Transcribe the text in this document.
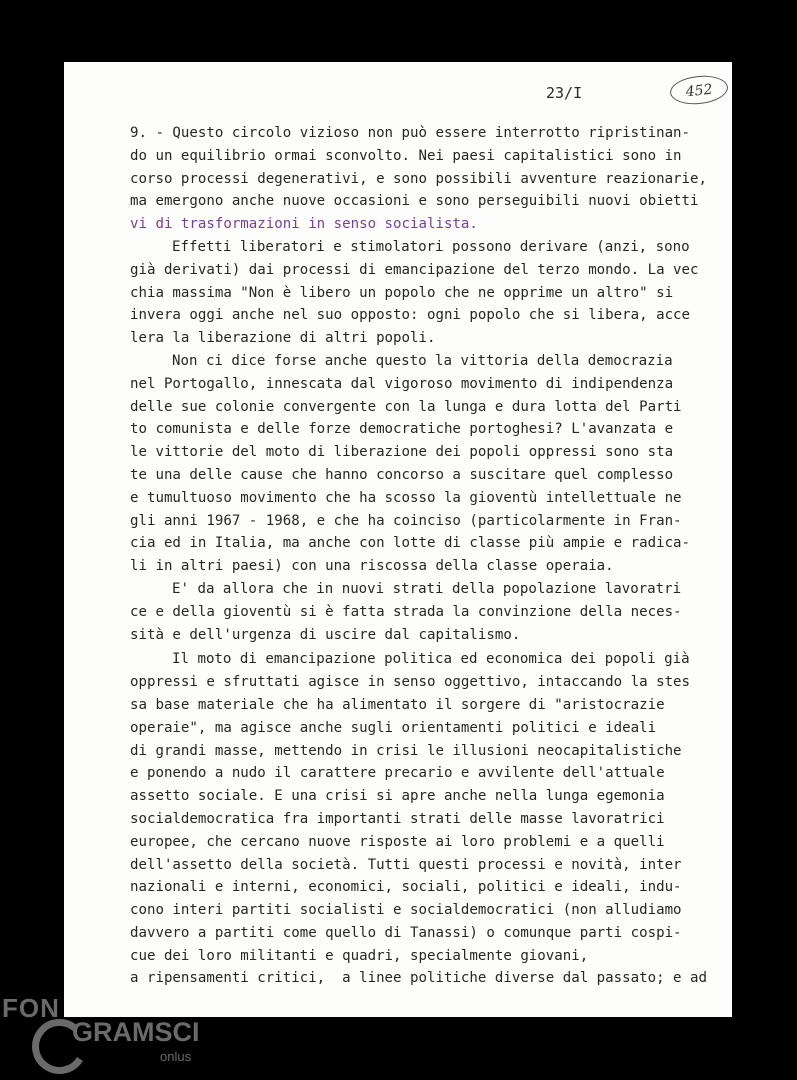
23/I	452
9. - Questo circolo vizioso non può essere interrotto ripristinan-
do un equilibrio ormai sconvolto. Nei paesi capitalistici sono in
corso processi degenerativi, e sono possibili avventure reazionarie,
ma emergono anche nuove occasioni e sono perseguibili nuovi obietti
vi di trasformazioni in senso socialista.
Effetti liberatori e stimolatori possono derivare (anzi, sono
già derivati) dai processi di emancipazione del terzo mondo. La vec
chia massima "Non è libero un popolo che ne opprime un altro" si
invera oggi anche nel suo opposto: ogni popolo che si libera, acce
lera la liberazione di altri popoli.
Non ci dice forse anche questo la vittoria della democrazia
nel Portogallo, innescata dal vigoroso movimento di indipendenza
delle sue colonie convergente con la lunga e dura lotta del Parti
to comunista e delle forze democratiche portoghesi? L'avanzata e
le vittorie del moto di liberazione dei popoli oppressi sono sta
te una delle cause che hanno concorso a suscitare quel complesso
e tumultuoso movimento che ha scosso la gioventù intellettuale ne
gli anni 1967 - 1968, e che ha coinciso (particolarmente in Fran-
cia ed in Italia, ma anche con lotte di classe più ampie e radica-
li in altri paesi) con una riscossa della classe operaia.
E' da allora che in nuovi strati della popolazione lavoratri
ce e della gioventù si è fatta strada la convinzione della neces-
sità e dell'urgenza di uscire dal capitalismo.
Il moto di emancipazione politica ed economica dei popoli già
oppressi e sfruttati agisce in senso oggettivo, intaccando la stes
sa base materiale che ha alimentato il sorgere di "aristocrazie
operaie", ma agisce anche sugli orientamenti politici e ideali
di grandi masse, mettendo in crisi le illusioni neocapitalistiche
e ponendo a nudo il carattere precario e avvilente dell'attuale
assetto sociale. E una crisi si apre anche nella lunga egemonia
socialdemocratica fra importanti strati delle masse lavoratrici
europee, che cercano nuove risposte ai loro problemi e a quelli
dell'assetto della società. Tutti questi processi e novità, inter
nazionali e interni, economici, sociali, politici e ideali, indu-
cono interi partiti socialisti e socialdemocratici (non alludiamo
davvero a partiti come quello di Tanassi) o comunque parti cospi-
cue dei loro militanti e quadri, specialmente giovani,
a ripensamenti critici,  a linee politiche diverse dal passato; e ad
FON
GRAMSCI
onlus
